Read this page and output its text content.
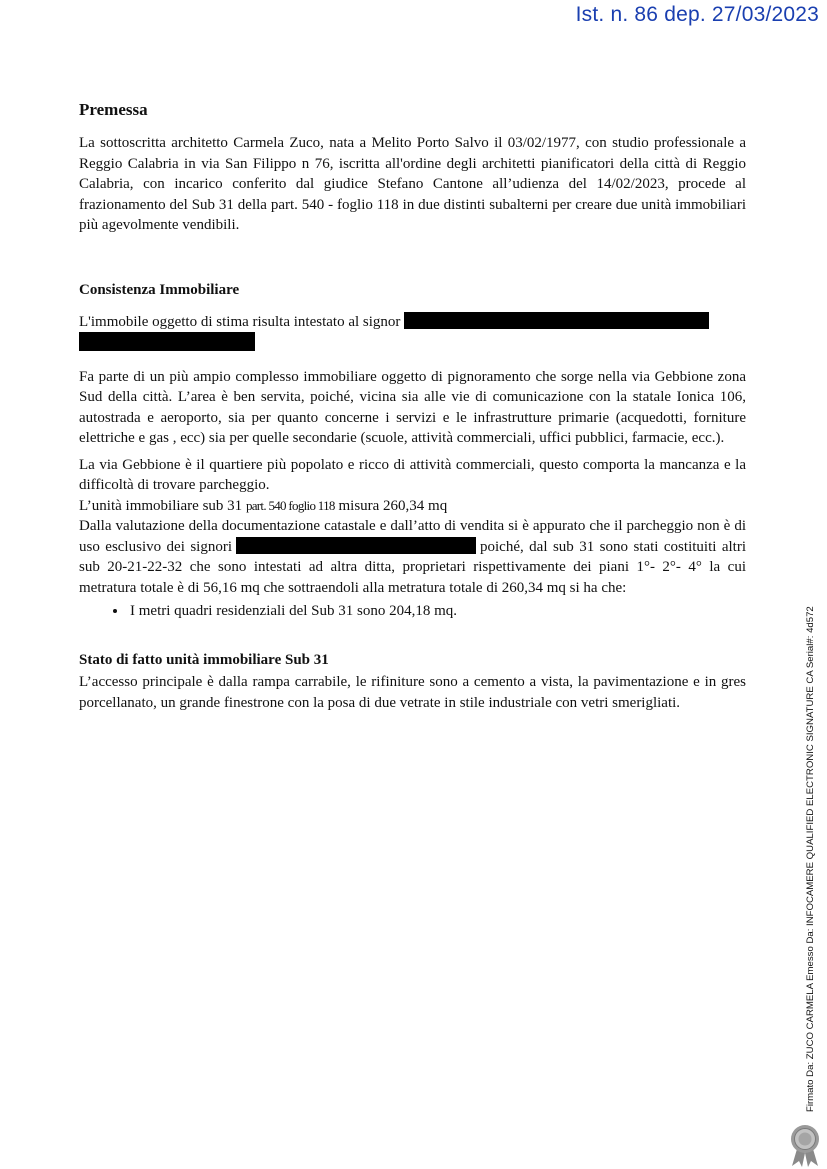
Ist. n. 86 dep. 27/03/2023
Premessa

La sottoscritta architetto Carmela Zuco, nata a Melito Porto Salvo il 03/02/1977, con studio professionale a Reggio Calabria in via San Filippo n 76, iscritta all'ordine degli architetti pianificatori della città di Reggio Calabria, con incarico conferito dal giudice Stefano Cantone all’udienza del 14/02/2023, procede al frazionamento del Sub 31 della part. 540 - foglio 118 in due distinti subalterni per creare due unità immobiliari più agevolmente vendibili.

Consistenza Immobiliare

L'immobile oggetto di stima risulta intestato al signor

Fa parte di un più ampio complesso immobiliare oggetto di pignoramento che sorge nella via Gebbione zona Sud della città. L’area è ben servita, poiché, vicina sia alle vie di comunicazione con la statale Ionica 106, autostrada e aeroporto, sia per quanto concerne i servizi e le infrastrutture primarie (acquedotti, forniture elettriche e gas , ecc) sia per quelle secondarie (scuole, attività commerciali, uffici pubblici, farmacie, ecc.).

La via Gebbione è il quartiere più popolato e ricco di attività commerciali, questo comporta la mancanza e la difficoltà di trovare parcheggio.

L’unità immobiliare sub 31 part. 540 foglio 118 misura 260,34 mq

Dalla valutazione della documentazione catastale e dall’atto di vendita si è appurato che il parcheggio non è di uso esclusivo dei signori	poiché, dal sub 31 sono stati costituiti altri sub 20-21-22-32 che sono intestati ad altra ditta, proprietari rispettivamente dei piani 1°- 2°- 4° la cui metratura totale è di 56,16 mq che sottraendoli alla metratura totale di 260,34 mq si ha che:

• I metri quadri residenziali del Sub 31 sono 204,18 mq.
Stato di fatto unità immobiliare Sub 31

L’accesso principale è dalla rampa carrabile, le rifiniture sono a cemento a vista, la pavimentazione e in gres porcellanato, un grande finestrone con la posa di due vetrate in stile industriale con vetri smerigliati.	Firmato Da: ZUCO CARMELA Emesso Da: INFOCAMERE QUALIFIED ELECTRONIC SIGNATURE CA Serial#: 4d572
